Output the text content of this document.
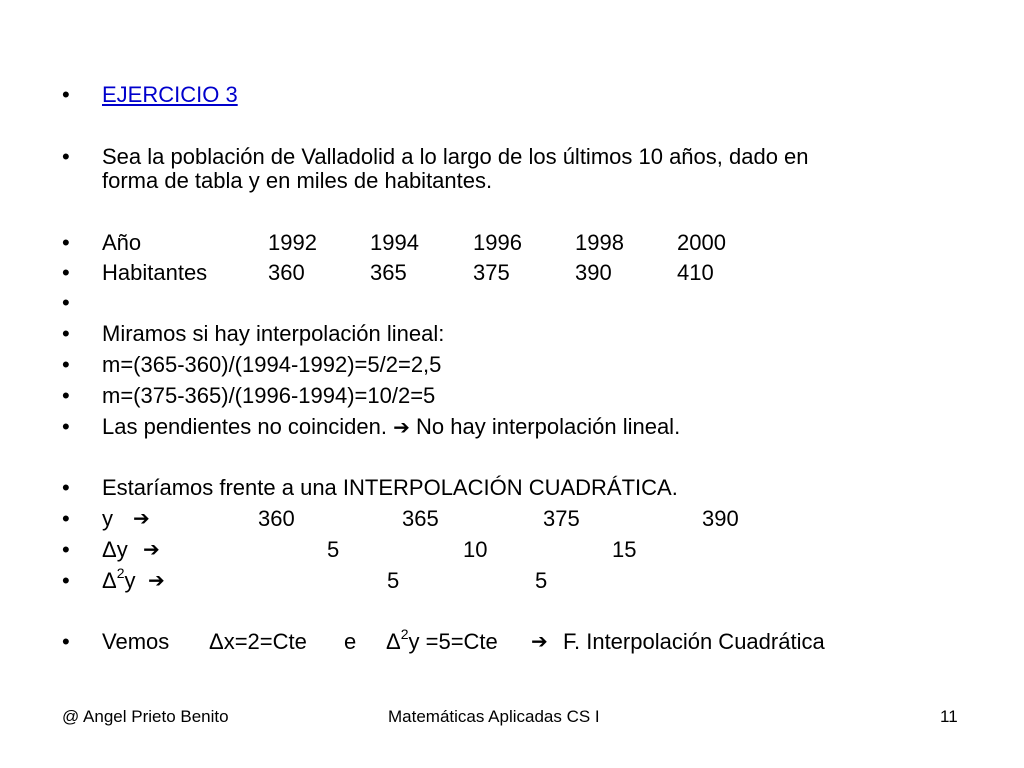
• EJERCICIO 3
• Sea la población de Valladolid a lo largo de los últimos 10 años, dado en
forma de tabla y en miles de habitantes.
• Año	1992 1994 1996 1998 2000
• Habitantes	360	365	375	390	410
•
• Miramos si hay interpolación lineal:
• m=(365-360)/(1994-1992)=5/2=2,5
• m=(375-365)/(1996-1994)=10/2=5
• Las pendientes no coinciden. ➔ No hay interpolación lineal.
• Estaríamos frente a una INTERPOLACIÓN CUADRÁTICA.
• y ➔	360	365	375	390
• Δy ➔	5	10	15
• $\Delta^2y$ ➔	5	5
• Vemos Δx=2=Cte e $\Delta^2y =5=Cte$ ➔ F. Interpolación Cuadrática
@ Angel Prieto Benito	Matemáticas Aplicadas CS I	11
